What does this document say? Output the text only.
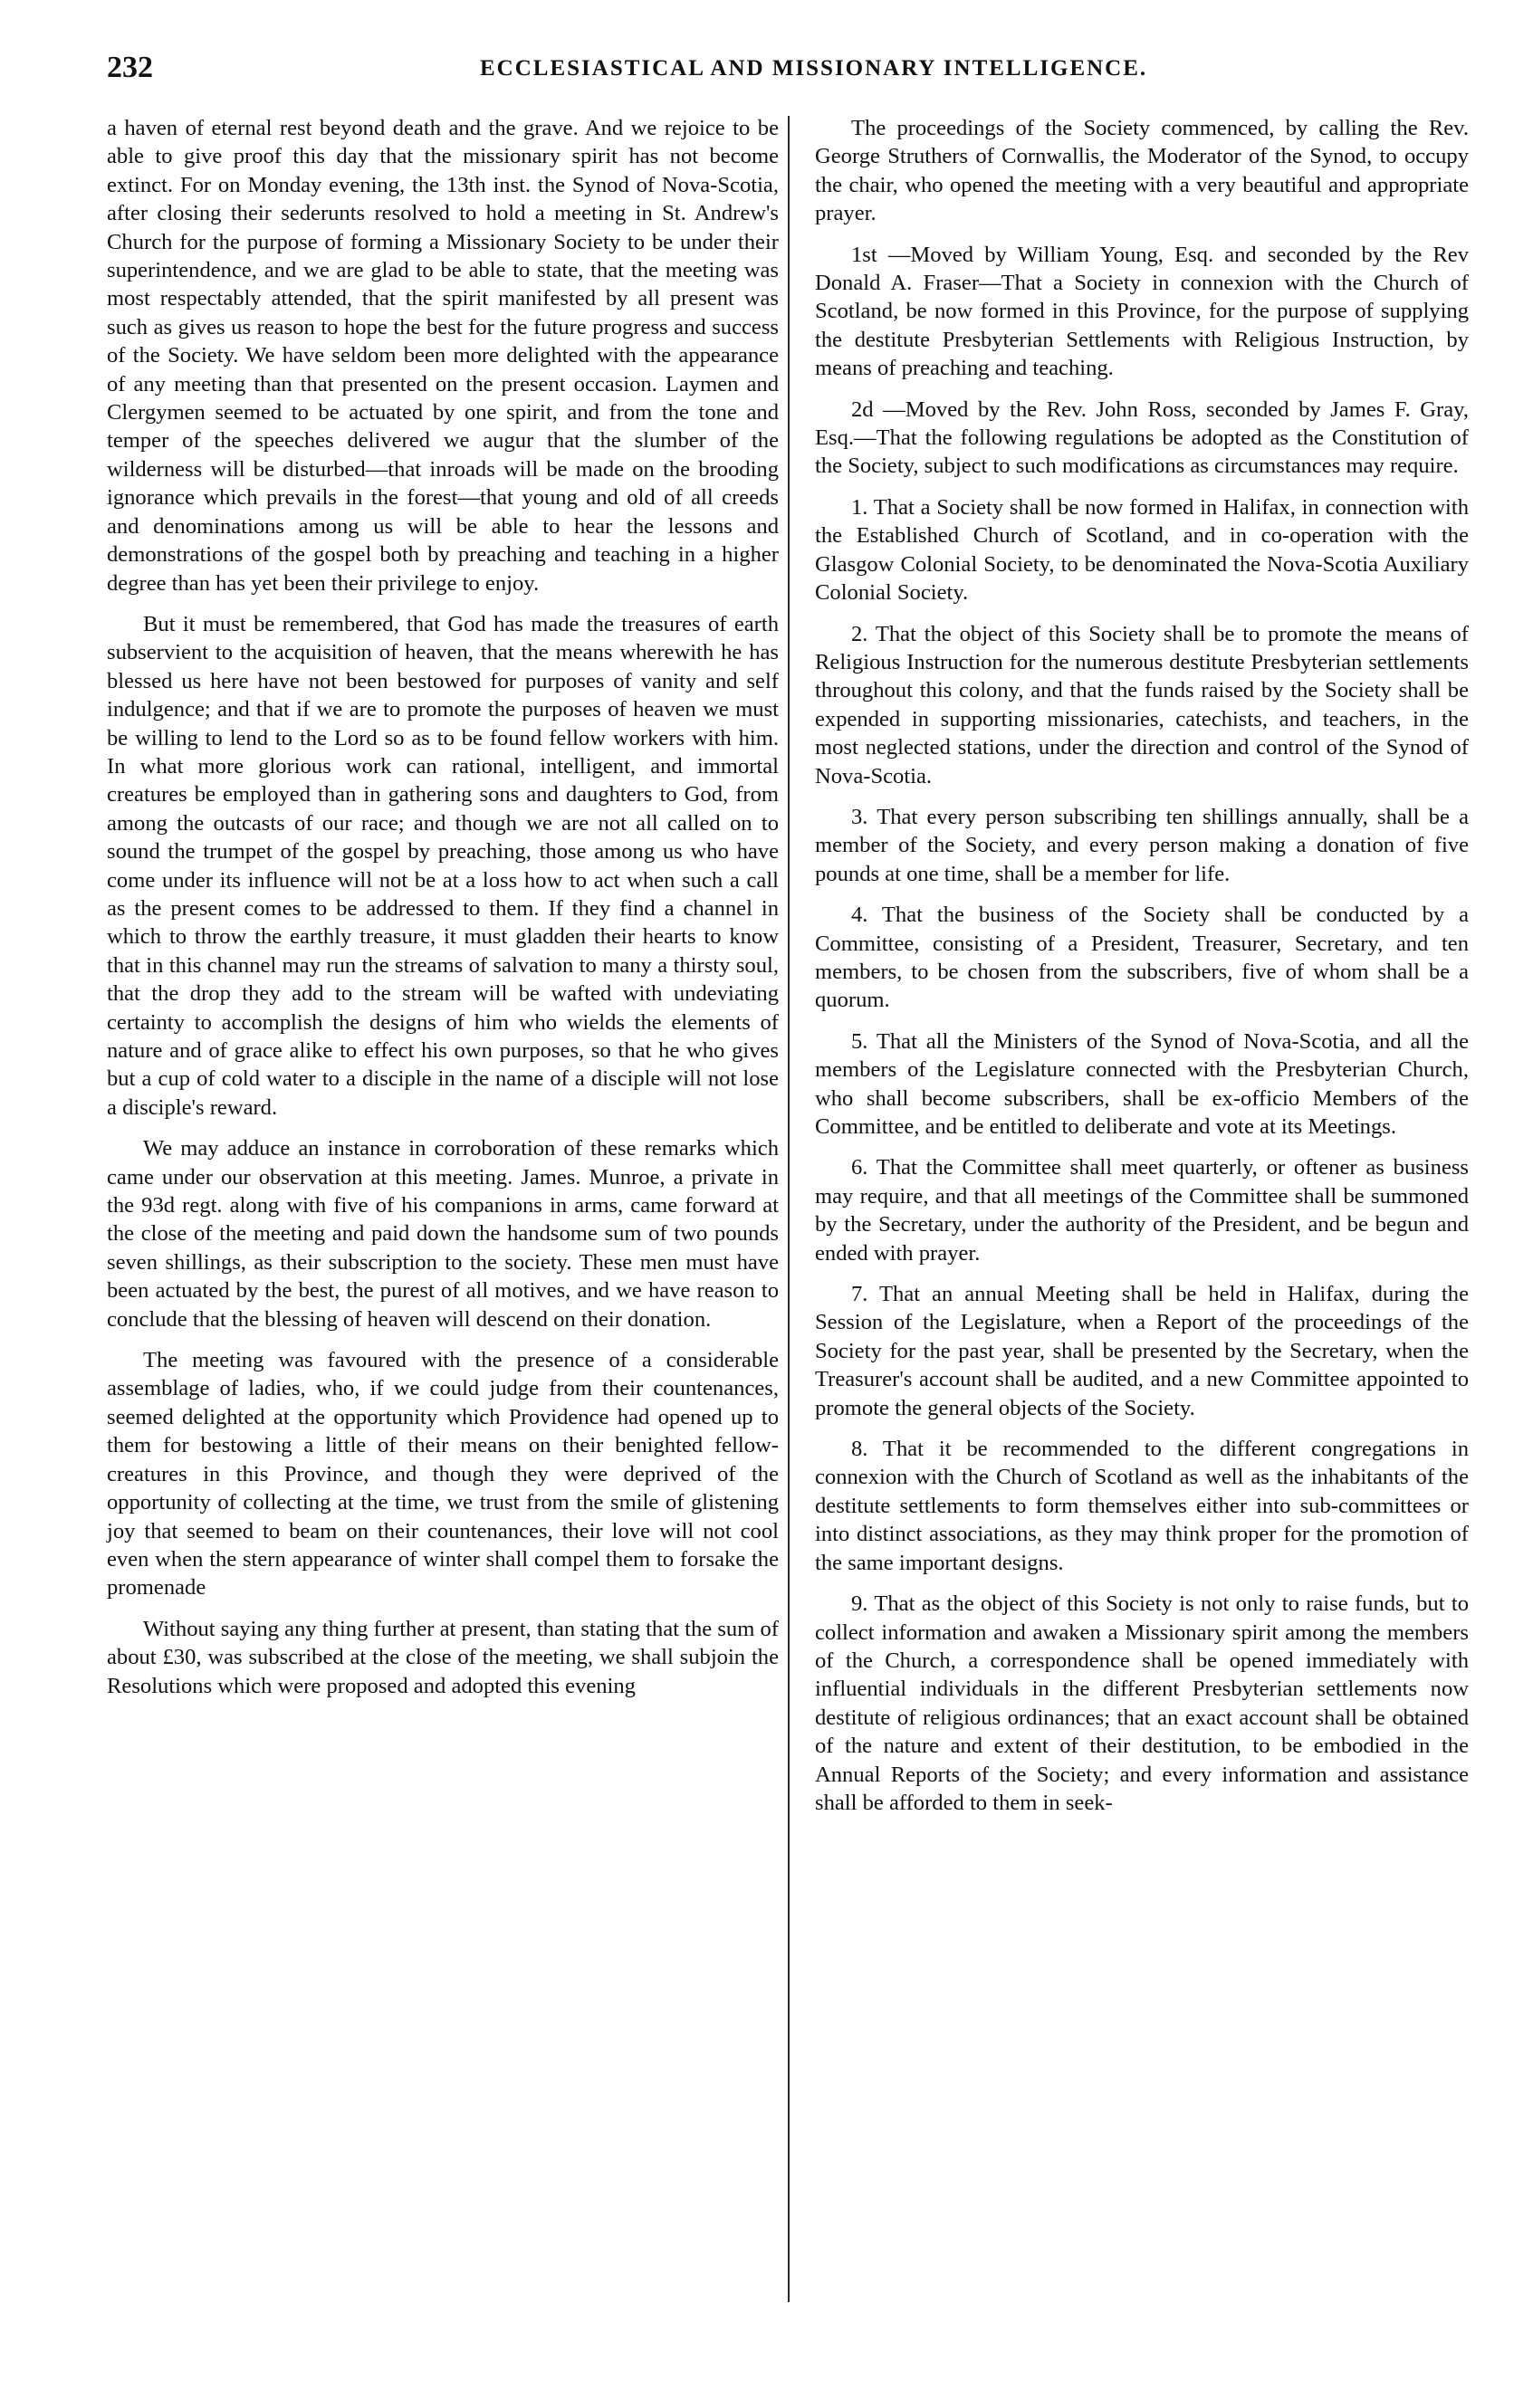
232	ECCLESIASTICAL AND MISSIONARY INTELLIGENCE.

a haven of eternal rest beyond death and the grave. And we rejoice to be able to give proof this day that the missionary spirit has not become extinct. For on Monday evening, the 13th inst. the Synod of Nova-Scotia, after closing their sederunts resolved to hold a meeting in St. Andrew's Church for the purpose of forming a Missionary Society to be under their superintendence, and we are glad to be able to state, that the meeting was most respectably attended, that the spirit manifested by all present was such as gives us reason to hope the best for the future progress and success of the Society. We have seldom been more delighted with the appearance of any meeting than that presented on the present occasion. Laymen and Clergymen seemed to be actuated by one spirit, and from the tone and temper of the speeches delivered we augur that the slumber of the wilderness will be disturbed—that inroads will be made on the brooding ignorance which prevails in the forest—that young and old of all creeds and denominations among us will be able to hear the lessons and demonstrations of the gospel both by preaching and teaching in a higher degree than has yet been their privilege to enjoy.

But it must be remembered, that God has made the treasures of earth subservient to the acquisition of heaven, that the means wherewith he has blessed us here have not been bestowed for purposes of vanity and self indulgence; and that if we are to promote the purposes of heaven we must be willing to lend to the Lord so as to be found fellow workers with him. In what more glorious work can rational, intelligent, and immortal creatures be employed than in gathering sons and daughters to God, from among the outcasts of our race; and though we are not all called on to sound the trumpet of the gospel by preaching, those among us who have come under its influence will not be at a loss how to act when such a call as the present comes to be addressed to them. If they find a channel in which to throw the earthly treasure, it must gladden their hearts to know that in this channel may run the streams of salvation to many a thirsty soul, that the drop they add to the stream will be wafted with undeviating certainty to accomplish the designs of him who wields the elements of nature and of grace alike to effect his own purposes, so that he who gives but a cup of cold water to a disciple in the name of a disciple will not lose a disciple's reward.

We may adduce an instance in corroboration of these remarks which came under our observation at this meeting. James. Munroe, a private in the 93d regt. along with five of his companions in arms, came forward at the close of the meeting and paid down the handsome sum of two pounds seven shillings, as their subscription to the society. These men must have been actuated by the best, the purest of all motives, and we have reason to conclude that the blessing of heaven will descend on their donation.

The meeting was favoured with the presence of a considerable assemblage of ladies, who, if we could judge from their countenances, seemed delighted at the opportunity which Providence had opened up to them for bestowing a little of their means on their benighted fellow-creatures in this Province, and though they were deprived of the opportunity of collecting at the time, we trust from the smile of glistening joy that seemed to beam on their countenances, their love will not cool even when the stern appearance of winter shall compel them to forsake the promenade

Without saying any thing further at present, than stating that the sum of about £30, was subscribed at the close of the meeting, we shall subjoin the Resolutions which were proposed and adopted this evening

The proceedings of the Society commenced, by calling the Rev. George Struthers of Cornwallis, the Moderator of the Synod, to occupy the chair, who opened the meeting with a very beautiful and appropriate prayer.

1st —Moved by William Young, Esq. and seconded by the Rev Donald A. Fraser—That a Society in connexion with the Church of Scotland, be now formed in this Province, for the purpose of supplying the destitute Presbyterian Settlements with Religious Instruction, by means of preaching and teaching.

2d —Moved by the Rev. John Ross, seconded by James F. Gray, Esq.—That the following regulations be adopted as the Constitution of the Society, subject to such modifications as circumstances may require.

1. That a Society shall be now formed in Halifax, in connection with the Established Church of Scotland, and in co-operation with the Glasgow Colonial Society, to be denominated the Nova-Scotia Auxiliary Colonial Society.

2. That the object of this Society shall be to promote the means of Religious Instruction for the numerous destitute Presbyterian settlements throughout this colony, and that the funds raised by the Society shall be expended in supporting missionaries, catechists, and teachers, in the most neglected stations, under the direction and control of the Synod of Nova-Scotia.

3. That every person subscribing ten shillings annually, shall be a member of the Society, and every person making a donation of five pounds at one time, shall be a member for life.

4. That the business of the Society shall be conducted by a Committee, consisting of a President, Treasurer, Secretary, and ten members, to be chosen from the subscribers, five of whom shall be a quorum.

5. That all the Ministers of the Synod of Nova-Scotia, and all the members of the Legislature connected with the Presbyterian Church, who shall become subscribers, shall be ex-officio Members of the Committee, and be entitled to deliberate and vote at its Meetings.

6. That the Committee shall meet quarterly, or oftener as business may require, and that all meetings of the Committee shall be summoned by the Secretary, under the authority of the President, and be begun and ended with prayer.

7. That an annual Meeting shall be held in Halifax, during the Session of the Legislature, when a Report of the proceedings of the Society for the past year, shall be presented by the Secretary, when the Treasurer's account shall be audited, and a new Committee appointed to promote the general objects of the Society.

8. That it be recommended to the different congregations in connexion with the Church of Scotland as well as the inhabitants of the destitute settlements to form themselves either into sub-committees or into distinct associations, as they may think proper for the promotion of the same important designs.

9. That as the object of this Society is not only to raise funds, but to collect information and awaken a Missionary spirit among the members of the Church, a correspondence shall be opened immediately with influential individuals in the different Presbyterian settlements now destitute of religious ordinances; that an exact account shall be obtained of the nature and extent of their destitution, to be embodied in the Annual Reports of the Society; and every information and assistance shall be afforded to them in seek-
